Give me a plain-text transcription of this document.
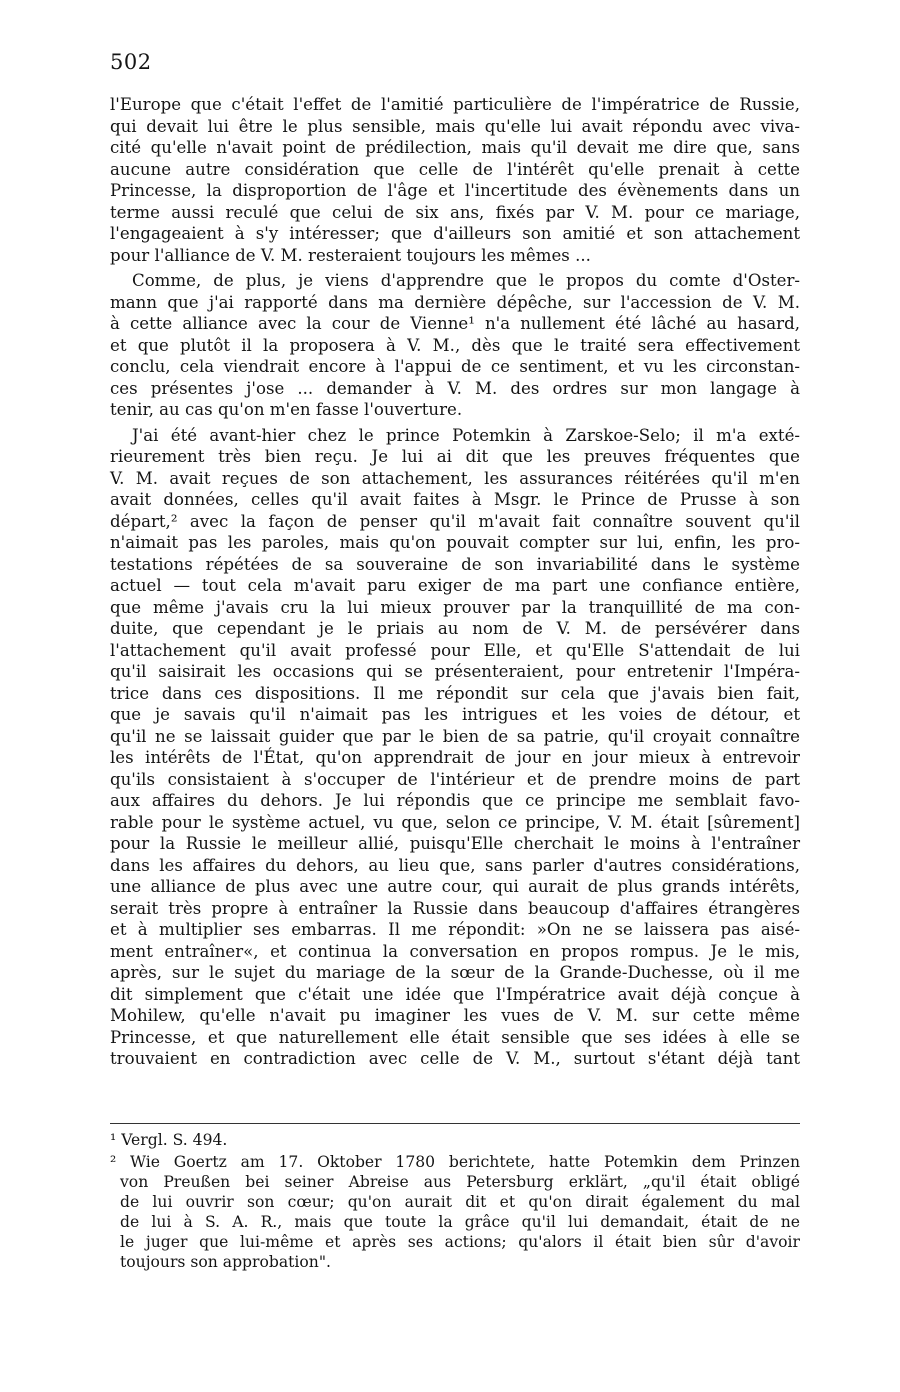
502
l'Europe que c'était l'effet de l'amitié particulière de l'impératrice de Russie,
qui devait lui être le plus sensible, mais qu'elle lui avait répondu avec viva-
cité qu'elle n'avait point de prédilection, mais qu'il devait me dire que, sans
aucune autre considération que celle de l'intérêt qu'elle prenait à cette
Princesse, la disproportion de l'âge et l'incertitude des évènements dans un
terme aussi reculé que celui de six ans, fixés par V. M. pour ce mariage,
l'engageaient à s'y intéresser; que d'ailleurs son amitié et son attachement
pour l'alliance de V. M. resteraient toujours les mêmes ...
Comme, de plus, je viens d'apprendre que le propos du comte d'Oster-
mann que j'ai rapporté dans ma dernière dépêche, sur l'accession de V. M.
à cette alliance avec la cour de Vienne¹ n'a nullement été lâché au hasard,
et que plutôt il la proposera à V. M., dès que le traité sera effectivement
conclu, cela viendrait encore à l'appui de ce sentiment, et vu les circonstan-
ces présentes j'ose ... demander à V. M. des ordres sur mon langage à
tenir, au cas qu'on m'en fasse l'ouverture.
J'ai été avant-hier chez le prince Potemkin à Zarskoe-Selo; il m'a exté-
rieurement très bien reçu. Je lui ai dit que les preuves fréquentes que
V. M. avait reçues de son attachement, les assurances réitérées qu'il m'en
avait données, celles qu'il avait faites à Msgr. le Prince de Prusse à son
départ,² avec la façon de penser qu'il m'avait fait connaître souvent qu'il
n'aimait pas les paroles, mais qu'on pouvait compter sur lui, enfin, les pro-
testations répétées de sa souveraine de son invariabilité dans le système
actuel — tout cela m'avait paru exiger de ma part une confiance entière,
que même j'avais cru la lui mieux prouver par la tranquillité de ma con-
duite, que cependant je le priais au nom de V. M. de persévérer dans
l'attachement qu'il avait professé pour Elle, et qu'Elle S'attendait de lui
qu'il saisirait les occasions qui se présenteraient, pour entretenir l'Impéra-
trice dans ces dispositions. Il me répondit sur cela que j'avais bien fait,
que je savais qu'il n'aimait pas les intrigues et les voies de détour, et
qu'il ne se laissait guider que par le bien de sa patrie, qu'il croyait connaître
les intérêts de l'État, qu'on apprendrait de jour en jour mieux à entrevoir
qu'ils consistaient à s'occuper de l'intérieur et de prendre moins de part
aux affaires du dehors. Je lui répondis que ce principe me semblait favo-
rable pour le système actuel, vu que, selon ce principe, V. M. était [sûrement]
pour la Russie le meilleur allié, puisqu'Elle cherchait le moins à l'entraîner
dans les affaires du dehors, au lieu que, sans parler d'autres considérations,
une alliance de plus avec une autre cour, qui aurait de plus grands intérêts,
serait très propre à entraîner la Russie dans beaucoup d'affaires étrangères
et à multiplier ses embarras. Il me répondit: »On ne se laissera pas aisé-
ment entraîner«, et continua la conversation en propos rompus. Je le mis,
après, sur le sujet du mariage de la sœur de la Grande-Duchesse, où il me
dit simplement que c'était une idée que l'Impératrice avait déjà conçue à
Mohilew, qu'elle n'avait pu imaginer les vues de V. M. sur cette même
Princesse, et que naturellement elle était sensible que ses idées à elle se
trouvaient en contradiction avec celle de V. M., surtout s'étant déjà tant
¹ Vergl. S. 494.
² Wie Goertz am 17. Oktober 1780 berichtete, hatte Potemkin dem Prinzen
von Preußen bei seiner Abreise aus Petersburg erklärt, „qu'il était obligé
de lui ouvrir son cœur; qu'on aurait dit et qu'on dirait également du mal
de lui à S. A. R., mais que toute la grâce qu'il lui demandait, était de ne
le juger que lui-même et après ses actions; qu'alors il était bien sûr d'avoir
toujours son approbation".
